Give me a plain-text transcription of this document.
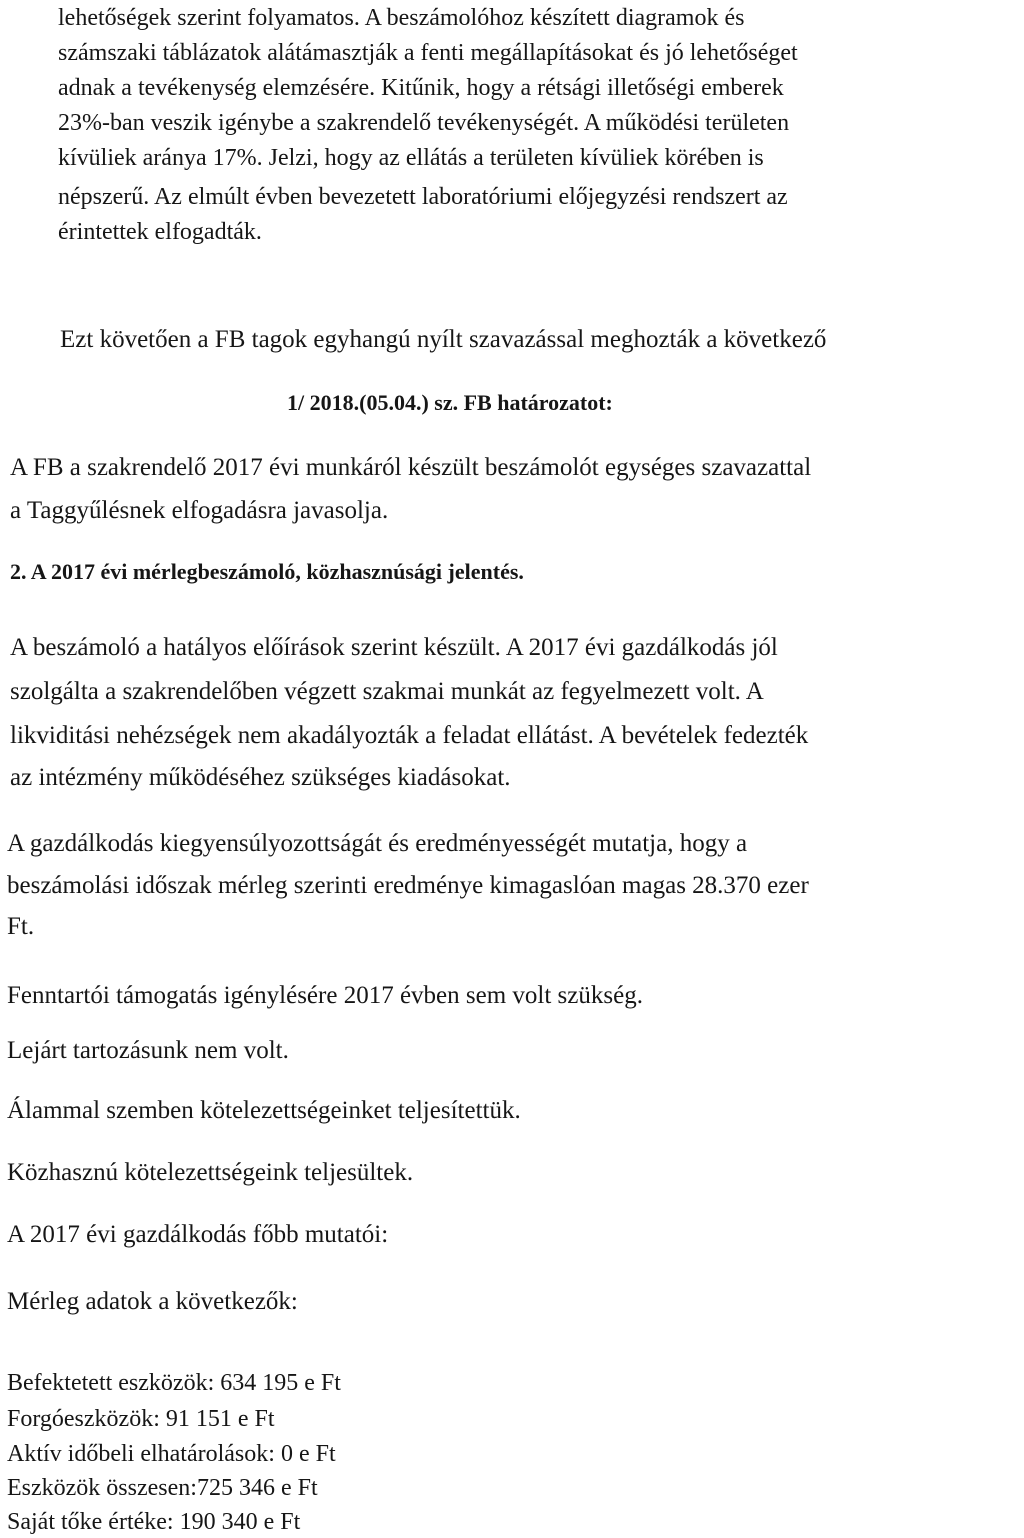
lehetőségek szerint folyamatos. A beszámolóhoz készített diagramok és

számszaki táblázatok alátámasztják a fenti megállapításokat és jó lehetőséget

adnak a tevékenység elemzésére. Kitűnik, hogy a rétsági illetőségi emberek

23%-ban veszik igénybe a szakrendelő tevékenységét. A működési területen

kívüliek aránya 17%. Jelzi, hogy az ellátás a területen kívüliek körében is

népszerű. Az elmúlt évben bevezetett laboratóriumi előjegyzési rendszert az

érintettek elfogadták.

Ezt követően a FB tagok egyhangú nyílt szavazással meghozták a következő

1/ 2018.(05.04.) sz. FB határozatot:

A FB a szakrendelő 2017 évi munkáról készült beszámolót egységes szavazattal

a Taggyűlésnek elfogadásra javasolja.

2. A 2017 évi mérlegbeszámoló, közhasznúsági jelentés.

A beszámoló a hatályos előírások szerint készült. A 2017 évi gazdálkodás jól

szolgálta a szakrendelőben végzett szakmai munkát az fegyelmezett volt. A

likviditási nehézségek nem akadályozták a feladat ellátást. A bevételek fedezték

az intézmény működéséhez szükséges kiadásokat.

A gazdálkodás kiegyensúlyozottságát és eredményességét mutatja, hogy a

beszámolási időszak mérleg szerinti eredménye kimagaslóan magas 28.370 ezer

Ft.

Fenntartói támogatás igénylésére 2017 évben sem volt szükség.

Lejárt tartozásunk nem volt.

Álammal szemben kötelezettségeinket teljesítettük.

Közhasznú kötelezettségeink teljesültek.

A 2017 évi gazdálkodás főbb mutatói:

Mérleg adatok a következők:

Befektetett eszközök: 634 195 e Ft

Forgóeszközök: 91 151 e Ft

Aktív időbeli elhatárolások: 0 e Ft

Eszközök összesen:725 346 e Ft

Saját tőke értéke: 190 340 e Ft
